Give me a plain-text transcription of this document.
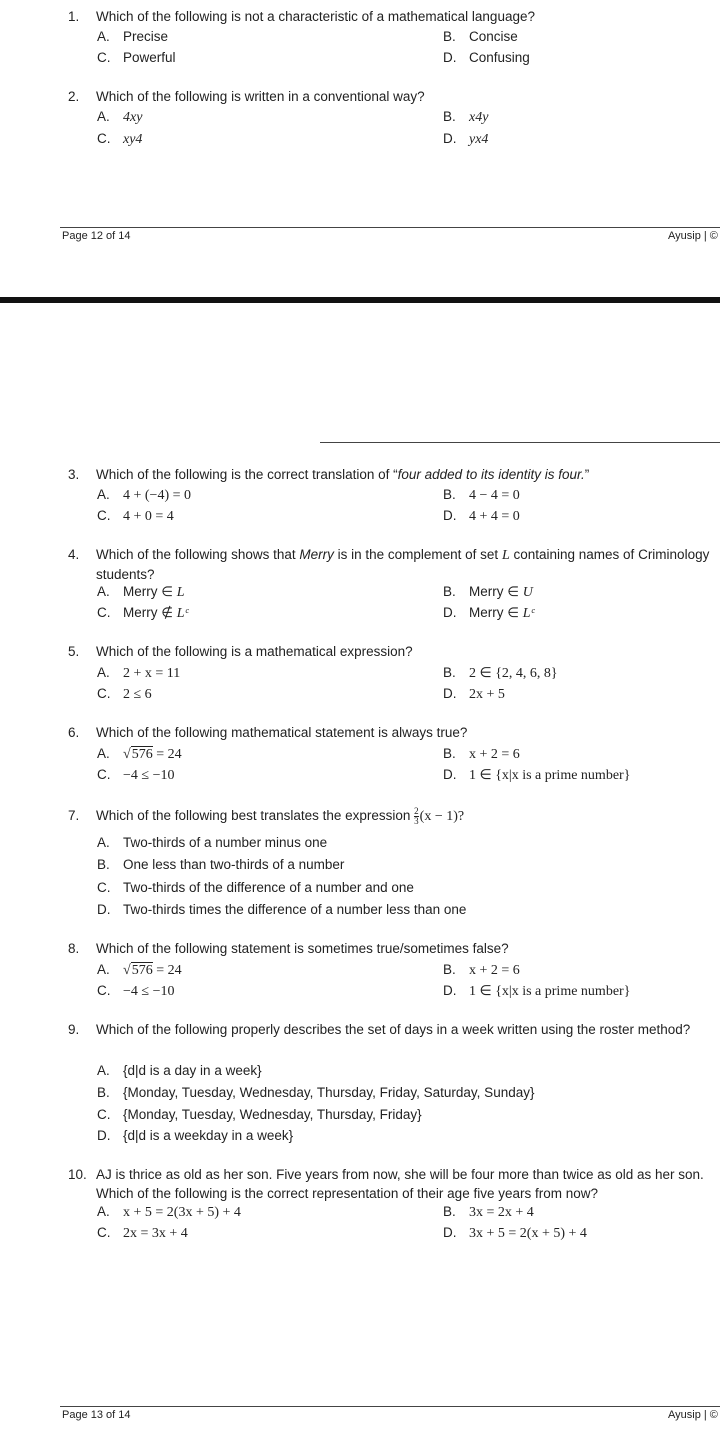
1.	Which of the following is not a characteristic of a mathematical language?
A. Precise	B. Concise
C. Powerful	D. Confusing
2.	Which of the following is written in a conventional way?
A. 4xy	B. x4y
C. xy4	D. yx4
Page 12 of 14	Ayusip | ©
3.	Which of the following is the correct translation of “four added to its identity is four.”
A. 4 + (−4) = 0	B. 4 − 4 = 0
C. 4 + 0 = 4	D. 4 + 4 = 0
4.	Which of the following shows that Merry is in the complement of set L containing names of Criminology students?
A. Merry ∈ L	B. Merry ∈ U
C. Merry ∉ Lᶜ	D. Merry ∈ Lᶜ
5.	Which of the following is a mathematical expression?
A. 2 + x = 11	B. 2 ∈ {2, 4, 6, 8}
C. 2 ≤ 6	D. 2x + 5
6.	Which of the following mathematical statement is always true?
A. √576 = 24	B. x + 2 = 6
C. −4 ≤ −10	D. 1 ∈ {x|x is a prime number}
7.	Which of the following best translates the expression $\frac{2}{3} (x - 1)$?
A. Two-thirds of a number minus one
B. One less than two-thirds of a number
C. Two-thirds of the difference of a number and one
D. Two-thirds times the difference of a number less than one
8.	Which of the following statement is sometimes true/sometimes false?
A. √576 = 24	B. x + 2 = 6
C. −4 ≤ −10	D. 1 ∈ {x|x is a prime number}
9.	Which of the following properly describes the set of days in a week written using the roster method?
A. {d|d is a day in a week}
B. {Monday, Tuesday, Wednesday, Thursday, Friday, Saturday, Sunday}
C. {Monday, Tuesday, Wednesday, Thursday, Friday}
D. {d|d is a weekday in a week}
10. AJ is thrice as old as her son. Five years from now, she will be four more than twice as old as her son. Which of the following is the correct representation of their age five years from now?
A. x + 5 = 2(3x + 5) + 4	B. 3x = 2x + 4
C. 2x = 3x + 4	D. 3x + 5 = 2(x + 5) + 4
Page 13 of 14	Ayusip | ©
